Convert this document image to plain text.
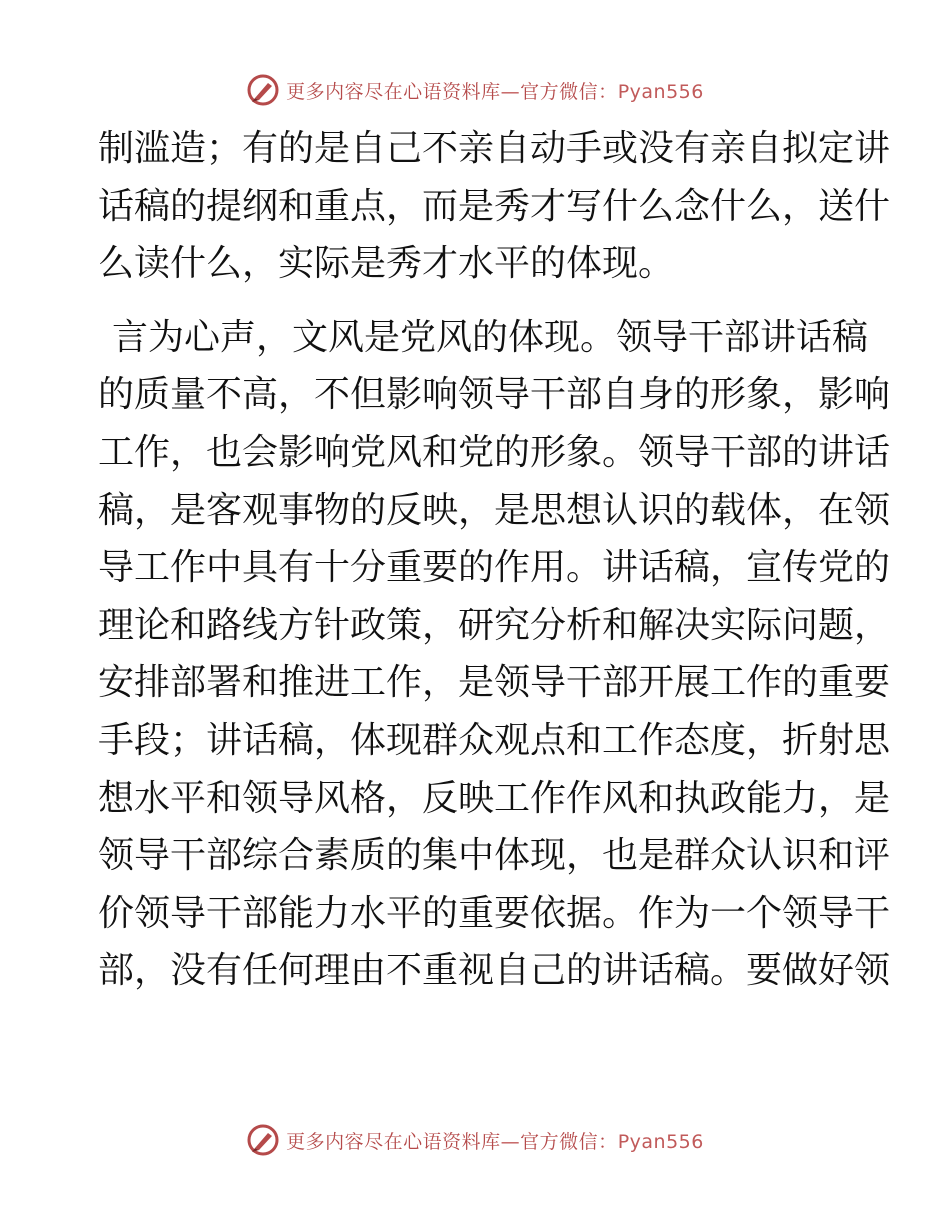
更多内容尽在心语资料库—官方微信：Pyan556
制滥造；有的是自己不亲自动手或没有亲自拟定讲
话稿的提纲和重点，而是秀才写什么念什么，送什
么读什么，实际是秀才水平的体现。
言为心声，文风是党风的体现。领导干部讲话稿
的质量不高，不但影响领导干部自身的形象，影响
工作，也会影响党风和党的形象。领导干部的讲话
稿，是客观事物的反映，是思想认识的载体，在领
导工作中具有十分重要的作用。讲话稿，宣传党的
理论和路线方针政策，研究分析和解决实际问题，
安排部署和推进工作，是领导干部开展工作的重要
手段；讲话稿，体现群众观点和工作态度，折射思
想水平和领导风格，反映工作作风和执政能力，是
领导干部综合素质的集中体现，也是群众认识和评
价领导干部能力水平的重要依据。作为一个领导干
部，没有任何理由不重视自己的讲话稿。要做好领
更多内容尽在心语资料库—官方微信：Pyan556
